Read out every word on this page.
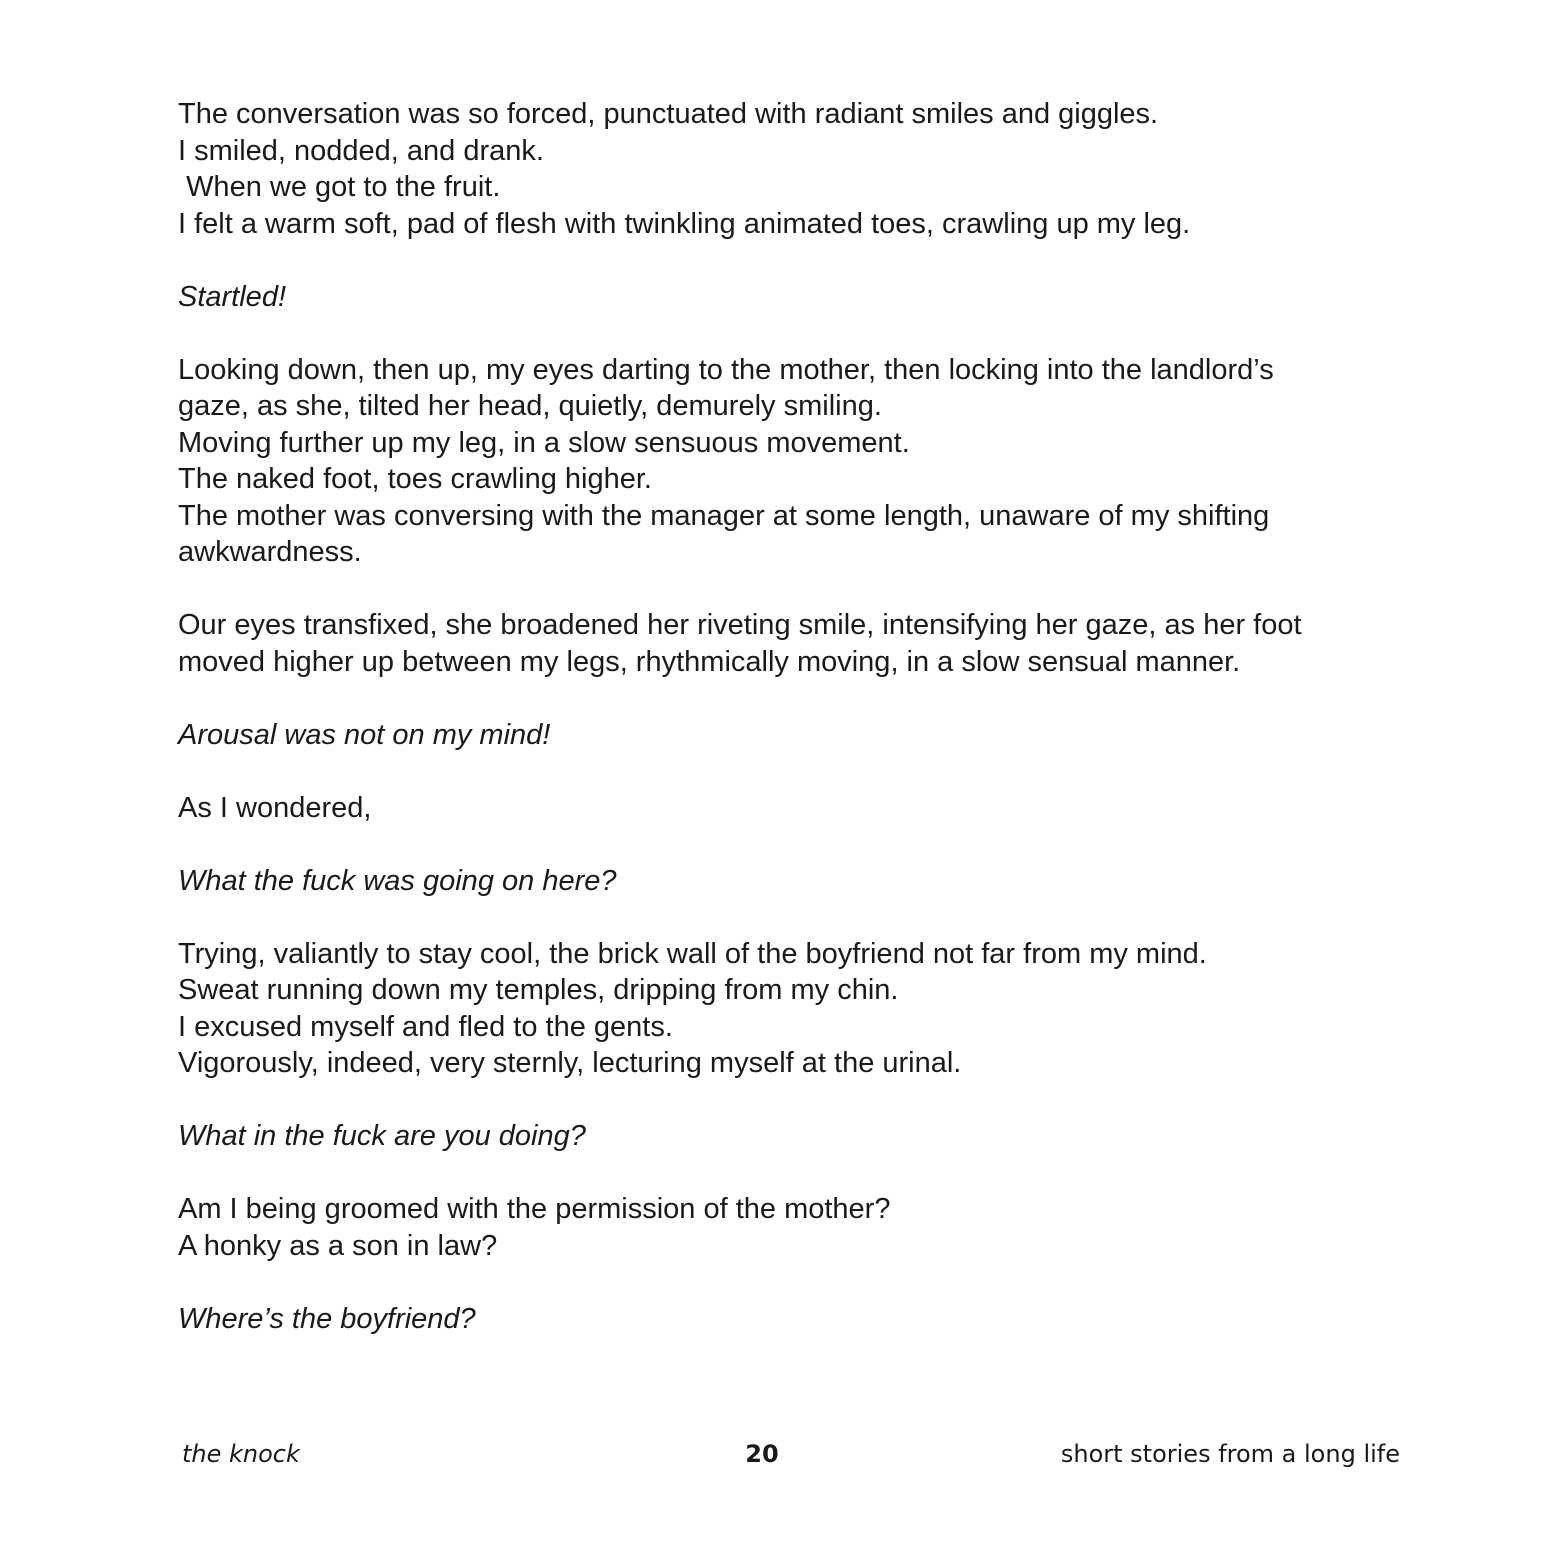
The conversation was so forced, punctuated with radiant smiles and giggles.
I smiled, nodded, and drank.
When we got to the fruit.
I felt a warm soft, pad of flesh with twinkling animated toes, crawling up my leg.
Startled!
Looking down, then up, my eyes darting to the mother, then locking into the landlord’s
gaze, as she, tilted her head, quietly, demurely smiling.
Moving further up my leg, in a slow sensuous movement.
The naked foot, toes crawling higher.
The mother was conversing with the manager at some length, unaware of my shifting
awkwardness.
Our eyes transfixed, she broadened her riveting smile, intensifying her gaze, as her foot
moved higher up between my legs, rhythmically moving, in a slow sensual manner.
Arousal was not on my mind!
As I wondered,
What the fuck was going on here?
Trying, valiantly to stay cool, the brick wall of the boyfriend not far from my mind.
Sweat running down my temples, dripping from my chin.
I excused myself and fled to the gents.
Vigorously, indeed, very sternly, lecturing myself at the urinal.
What in the fuck are you doing?
Am I being groomed with the permission of the mother?
A honky as a son in law?
Where’s the boyfriend?
the knock	20	short stories from a long life
